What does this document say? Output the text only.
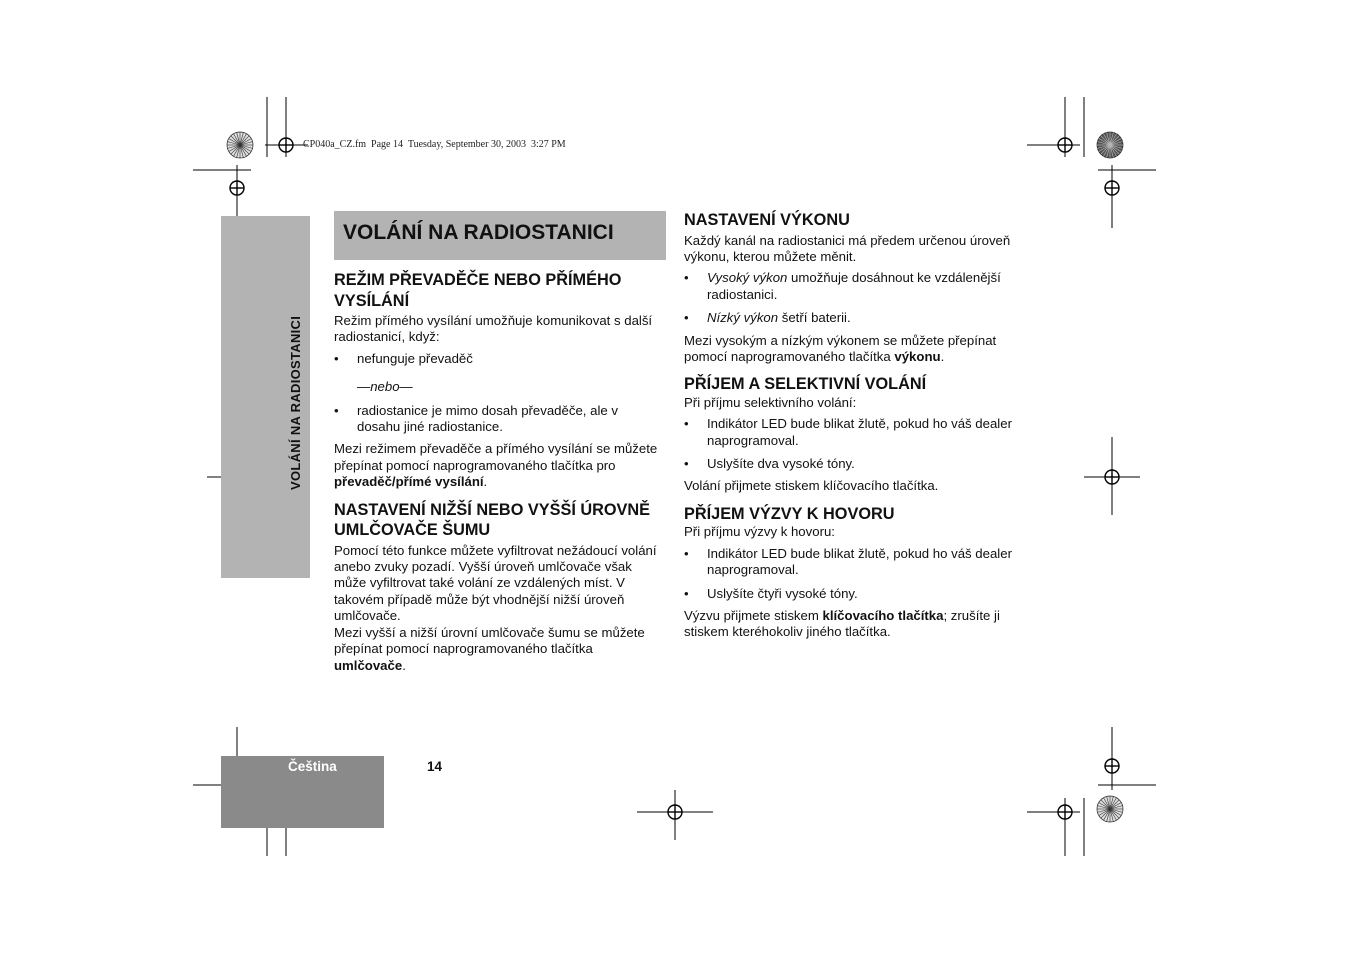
CP040a_CZ.fm  Page 14  Tuesday, September 30, 2003  3:27 PM
VOLÁNÍ NA RADIOSTANICI
VOLÁNÍ NA RADIOSTANICI
REŽIM PŘEVADĚČE NEBO PŘÍMÉHO VYSÍLÁNÍ

Režim přímého vysílání umožňuje komunikovat s další radiostanicí, když:

• nefunguje převaděč

—nebo—

• radiostanice je mimo dosah převaděče, ale v dosahu jiné radiostanice.

Mezi režimem převaděče a přímého vysílání se můžete přepínat pomocí naprogramovaného tlačítka pro převaděč/přímé vysílání.

NASTAVENÍ NIŽŠÍ NEBO VYŠŠÍ ÚROVNĚ UMLČOVAČE ŠUMU

Pomocí této funkce můžete vyfiltrovat nežádoucí volání anebo zvuky pozadí. Vyšší úroveň umlčovače však může vyfiltrovat také volání ze vzdálených míst. V takovém případě může být vhodnější nižší úroveň umlčovače.

Mezi vyšší a nižší úrovní umlčovače šumu se můžete přepínat pomocí naprogramovaného tlačítka umlčovače.

NASTAVENÍ VÝKONU

Každý kanál na radiostanici má předem určenou úroveň výkonu, kterou můžete měnit.

• Vysoký výkon umožňuje dosáhnout ke vzdálenější radiostanici.
• Nízký výkon šetří baterii.

Mezi vysokým a nízkým výkonem se můžete přepínat pomocí naprogramovaného tlačítka výkonu.

PŘÍJEM A SELEKTIVNÍ VOLÁNÍ

Při příjmu selektivního volání:

• Indikátor LED bude blikat žlutě, pokud ho váš dealer naprogramoval.
• Uslyšíte dva vysoké tóny.

Volání přijmete stiskem klíčovacího tlačítka.

PŘÍJEM VÝZVY K HOVORU

Při příjmu výzvy k hovoru:

• Indikátor LED bude blikat žlutě, pokud ho váš dealer naprogramoval.
• Uslyšíte čtyři vysoké tóny.

Výzvu přijmete stiskem klíčovacího tlačítka; zrušíte ji stiskem kteréhokoliv jiného tlačítka.

Čeština	14
